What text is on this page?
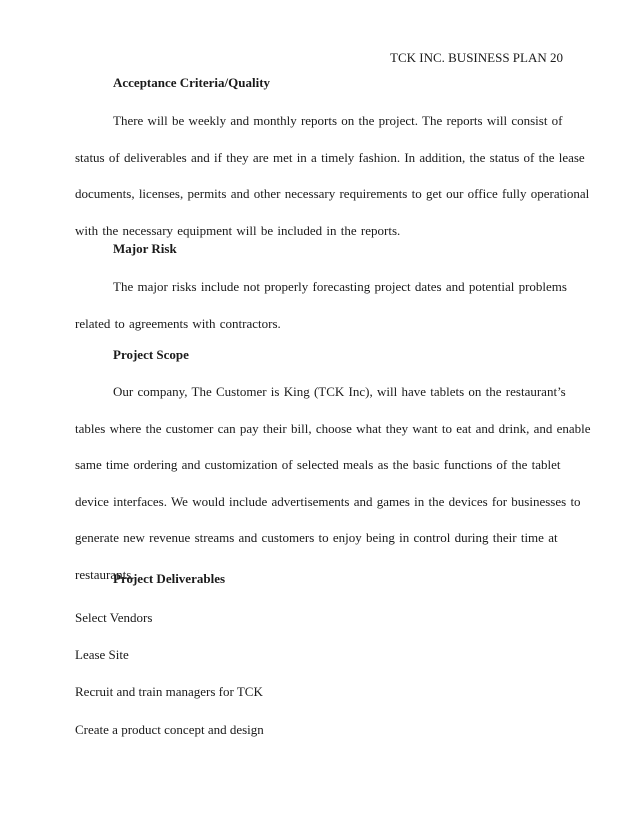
TCK INC. BUSINESS PLAN 20
Acceptance Criteria/Quality
There will be weekly and monthly reports on the project. The reports will consist of
status of deliverables and if they are met in a timely fashion. In addition, the status of the lease
documents, licenses, permits and other necessary requirements to get our office fully operational
with the necessary equipment will be included in the reports.
Major Risk
The major risks include not properly forecasting project dates and potential problems
related to agreements with contractors.
Project Scope
Our company, The Customer is King (TCK Inc), will have tablets on the restaurant’s
tables where the customer can pay their bill, choose what they want to eat and drink, and enable
same time ordering and customization of selected meals as the basic functions of the tablet
device interfaces. We would include advertisements and games in the devices for businesses to
generate new revenue streams and customers to enjoy being in control during their time at
restaurants.
Project Deliverables
Select Vendors
Lease Site
Recruit and train managers for TCK
Create a product concept and design
